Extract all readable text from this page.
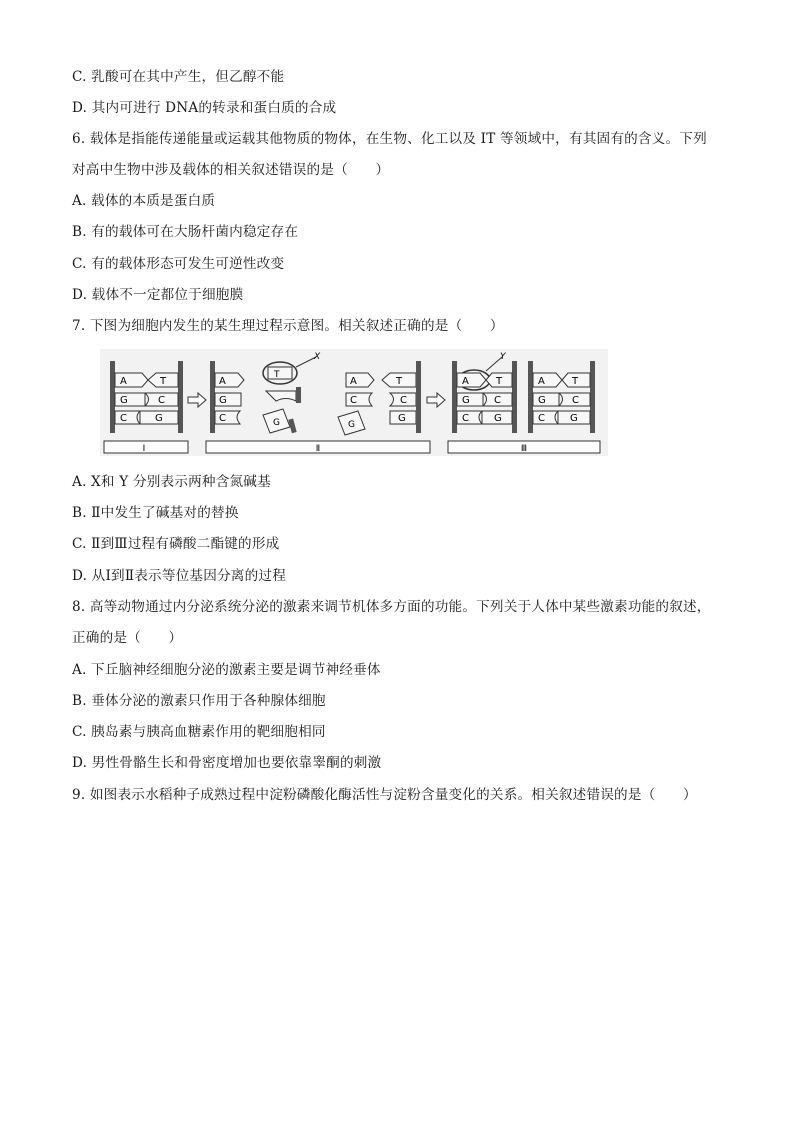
C. 乳酸可在其中产生，但乙醇不能
D. 其内可进行 DNA的转录和蛋白质的合成
6. 载体是指能传递能量或运载其他物质的物体，在生物、化工以及 IT 等领域中，有其固有的含义。下列
对高中生物中涉及载体的相关叙述错误的是（　　）
A. 载体的本质是蛋白质
B. 有的载体可在大肠杆菌内稳定存在
C. 有的载体形态可发生可逆性改变
D. 载体不一定都位于细胞膜
7. 下图为细胞内发生的某生理过程示意图。相关叙述正确的是（　　）
A	T
G	C
C	G
A
G
C
T
X
G
A	T
C	C
G
G
A	T
Y
G C
C	G
A	T
G	C
C	G
Ⅰ	Ⅱ	Ⅲ
A. X和 Y 分别表示两种含氮碱基
B. Ⅱ中发生了碱基对的替换
C. Ⅱ到Ⅲ过程有磷酸二酯键的形成
D. 从Ⅰ到Ⅱ表示等位基因分离的过程
8. 高等动物通过内分泌系统分泌的激素来调节机体多方面的功能。下列关于人体中某些激素功能的叙述，
正确的是（　　）
A. 下丘脑神经细胞分泌的激素主要是调节神经垂体
B. 垂体分泌的激素只作用于各种腺体细胞
C. 胰岛素与胰高血糖素作用的靶细胞相同
D. 男性骨骼生长和骨密度增加也要依靠睾酮的刺激
9. 如图表示水稻种子成熟过程中淀粉磷酸化酶活性与淀粉含量变化的关系。相关叙述错误的是（　　）
